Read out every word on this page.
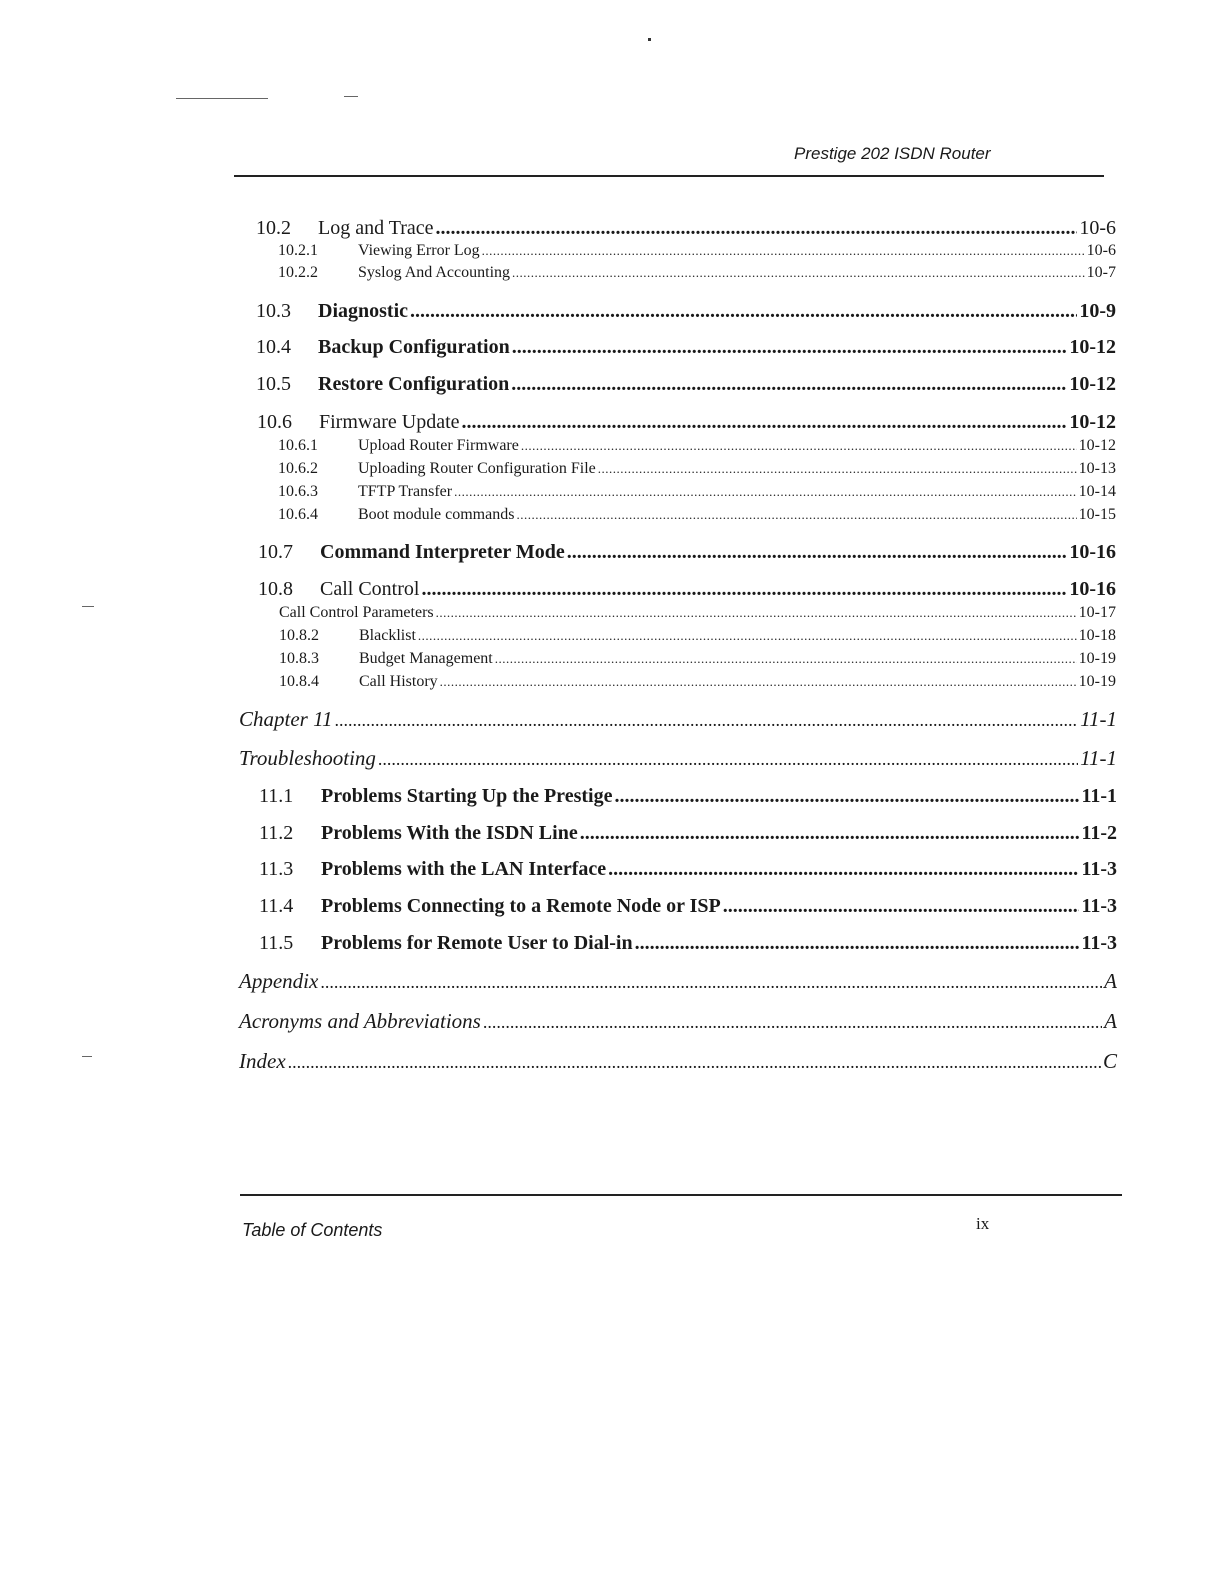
Prestige 202 ISDN Router
10.2	Log and Trace .....	10-6
10.2.1	Viewing Error Log .....	10-6
10.2.2	Syslog And Accounting .....	10-7
10.3	Diagnostic .....	10-9
10.4	Backup Configuration .....	10-12
10.5	Restore Configuration .....	10-12
10.6	Firmware Update .....	10-12
10.6.1	Upload Router Firmware .....	10-12
10.6.2	Uploading Router Configuration File .....	10-13
10.6.3	TFTP Transfer .....	10-14
10.6.4	Boot module commands .....	10-15
10.7	Command Interpreter Mode .....	10-16
10.8	Call Control .....	10-16
Call Control Parameters .....	10-17
10.8.2	Blacklist .....	10-18
10.8.3	Budget Management .....	10-19
10.8.4	Call History .....	10-19
Chapter 11 .....	11-1
Troubleshooting .....	11-1
11.1	Problems Starting Up the Prestige .....	11-1
11.2	Problems With the ISDN Line .....	11-2
11.3	Problems with the LAN Interface .....	11-3
11.4	Problems Connecting to a Remote Node or ISP .....	11-3
11.5	Problems for Remote User to Dial-in .....	11-3
Appendix .....	A
Acronyms and Abbreviations .....	A
Index .....	C
Table of Contents	ix
